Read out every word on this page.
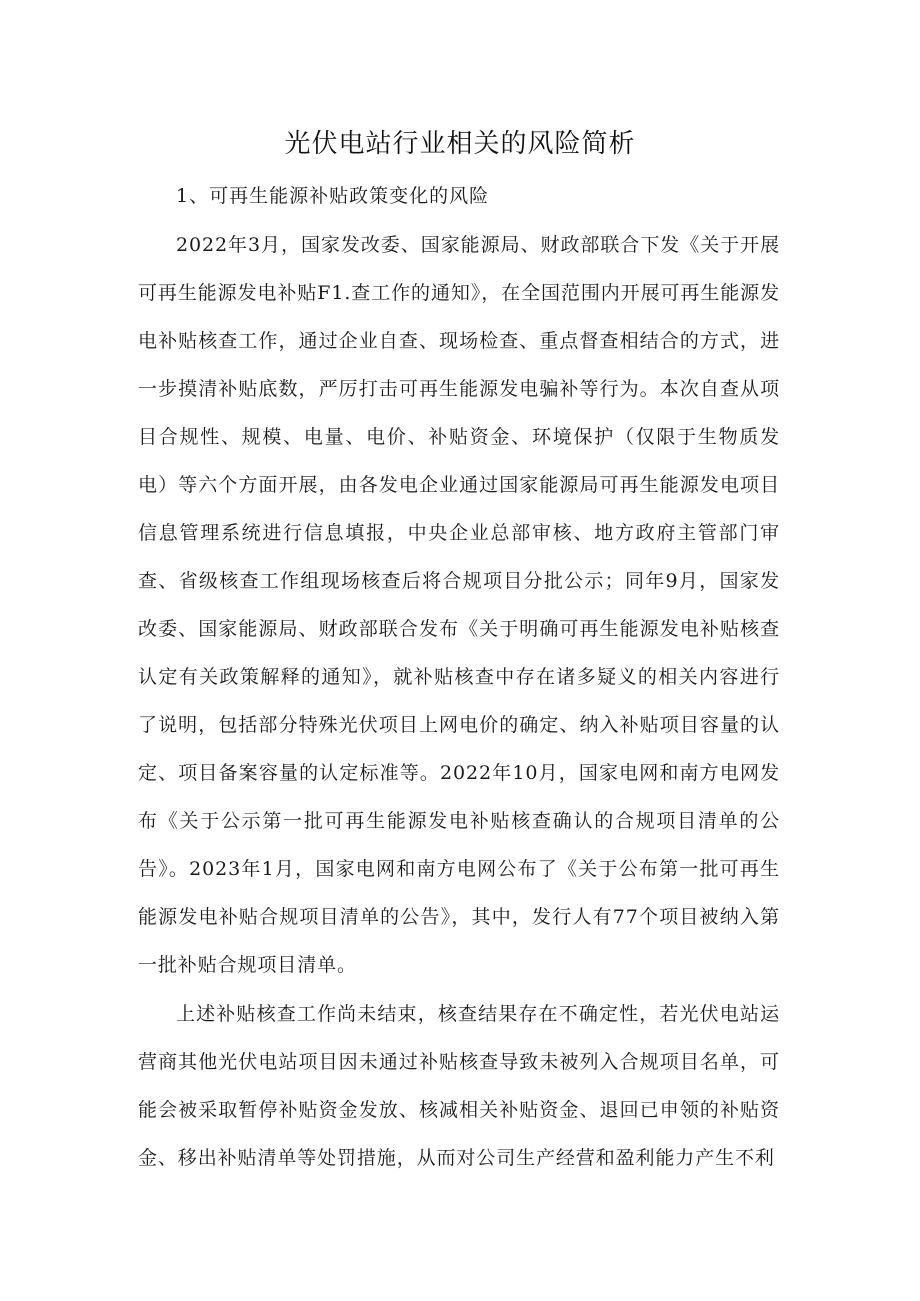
光伏电站行业相关的风险简析
1、可再生能源补贴政策变化的风险

2022年3月，国家发改委、国家能源局、财政部联合下发《关于开展可再生能源发电补贴F1.查工作的通知》，在全国范围内开展可再生能源发电补贴核查工作，通过企业自查、现场检查、重点督查相结合的方式，进一步摸清补贴底数，严厉打击可再生能源发电骗补等行为。本次自查从项目合规性、规模、电量、电价、补贴资金、环境保护（仅限于生物质发电）等六个方面开展，由各发电企业通过国家能源局可再生能源发电项目信息管理系统进行信息填报，中央企业总部审核、地方政府主管部门审查、省级核查工作组现场核查后将合规项目分批公示；同年9月，国家发改委、国家能源局、财政部联合发布《关于明确可再生能源发电补贴核查认定有关政策解释的通知》，就补贴核查中存在诸多疑义的相关内容进行了说明，包括部分特殊光伏项目上网电价的确定、纳入补贴项目容量的认定、项目备案容量的认定标准等。2022年10月，国家电网和南方电网发布《关于公示第一批可再生能源发电补贴核查确认的合规项目清单的公告》。2023年1月，国家电网和南方电网公布了《关于公布第一批可再生能源发电补贴合规项目清单的公告》，其中，发行人有77个项目被纳入第一批补贴合规项目清单。

上述补贴核查工作尚未结束，核查结果存在不确定性，若光伏电站运营商其他光伏电站项目因未通过补贴核查导致未被列入合规项目名单，可能会被采取暂停补贴资金发放、核减相关补贴资金、退回已申领的补贴资金、移出补贴清单等处罚措施，从而对公司生产经营和盈利能力产生不利
